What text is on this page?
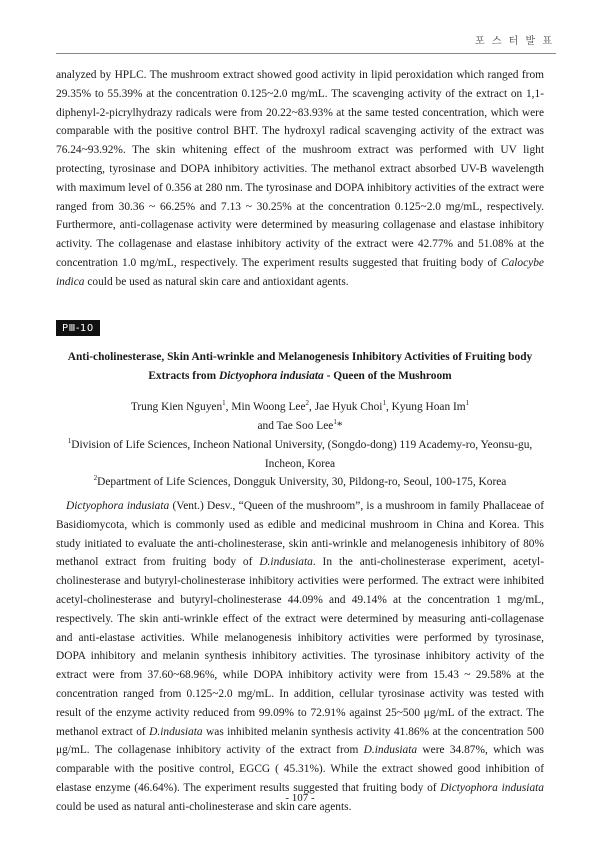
포 스 터 발 표

analyzed by HPLC. The mushroom extract showed good activity in lipid peroxidation which ranged from 29.35% to 55.39% at the concentration 0.125~2.0 mg/mL. The scavenging activity of the extract on 1,1-diphenyl-2-picrylhydrazy radicals were from 20.22~83.93% at the same tested concentration, which were comparable with the positive control BHT. The hydroxyl radical scavenging activity of the extract was 76.24~93.92%. The skin whitening effect of the mushroom extract was performed with UV light protecting, tyrosinase and DOPA inhibitory activities. The methanol extract absorbed UV-B wavelength with maximum level of 0.356 at 280 nm. The tyrosinase and DOPA inhibitory activities of the extract were ranged from 30.36 ~ 66.25% and 7.13 ~ 30.25% at the concentration 0.125~2.0 mg/mL, respectively. Furthermore, anti-collagenase activity were determined by measuring collagenase and elastase inhibitory activity. The collagenase and elastase inhibitory activity of the extract were 42.77% and 51.08% at the concentration 1.0 mg/mL, respectively. The experiment results suggested that fruiting body of Calocybe indica could be used as natural skin care and antioxidant agents.

PⅢ-10
Anti-cholinesterase, Skin Anti-wrinkle and Melanogenesis Inhibitory Activities of Fruiting body
Extracts from Dictyophora indusiata - Queen of the Mushroom

Trung Kien Nguyen$^1$, Min Woong Lee$^2$, Jae Hyuk Choi$^1$, Kyung Hoan Im$^1$

and Tae Soo Lee$^1$*

$^1$Division of Life Sciences, Incheon National University, (Songdo-dong) 119 Academy-ro, Yeonsu-gu, Incheon, Korea

$^2$Department of Life Sciences, Dongguk University, 30, Pildong-ro, Seoul, 100-175, Korea

Dictyophora indusiata (Vent.) Desv., “Queen of the mushroom”, is a mushroom in family Phallaceae of Basidiomycota, which is commonly used as edible and medicinal mushroom in China and Korea. This study initiated to evaluate the anti-cholinesterase, skin anti-wrinkle and melanogenesis inhibitory of 80% methanol extract from fruiting body of D.indusiata. In the anti-cholinesterase experiment, acetyl-cholinesterase and butyryl-cholinesterase inhibitory activities were performed. The extract were inhibited acetyl-cholinesterase and butyryl-cholinesterase 44.09% and 49.14% at the concentration 1 mg/mL, respectively. The skin anti-wrinkle effect of the extract were determined by measuring anti-collagenase and anti-elastase activities. While melanogenesis inhibitory activities were performed by tyrosinase, DOPA inhibitory and melanin synthesis inhibitory activities. The tyrosinase inhibitory activity of the extract were from 37.60~68.96%, while DOPA inhibitory activity were from 15.43 ~ 29.58% at the concentration ranged from 0.125~2.0 mg/mL. In addition, cellular tyrosinase activity was tested with result of the enzyme activity reduced from 99.09% to 72.91% against 25~500 μg/mL of the extract. The methanol extract of D.indusiata was inhibited melanin synthesis activity 41.86% at the concentration 500 μg/mL. The collagenase inhibitory activity of the extract from D.indusiata were 34.87%, which was comparable with the positive control, EGCG ( 45.31%). While the extract showed good inhibition of elastase enzyme (46.64%). The experiment results suggested that fruiting body of Dictyophora indusiata could be used as natural anti-cholinesterase and skin care agents.

- 107 -
